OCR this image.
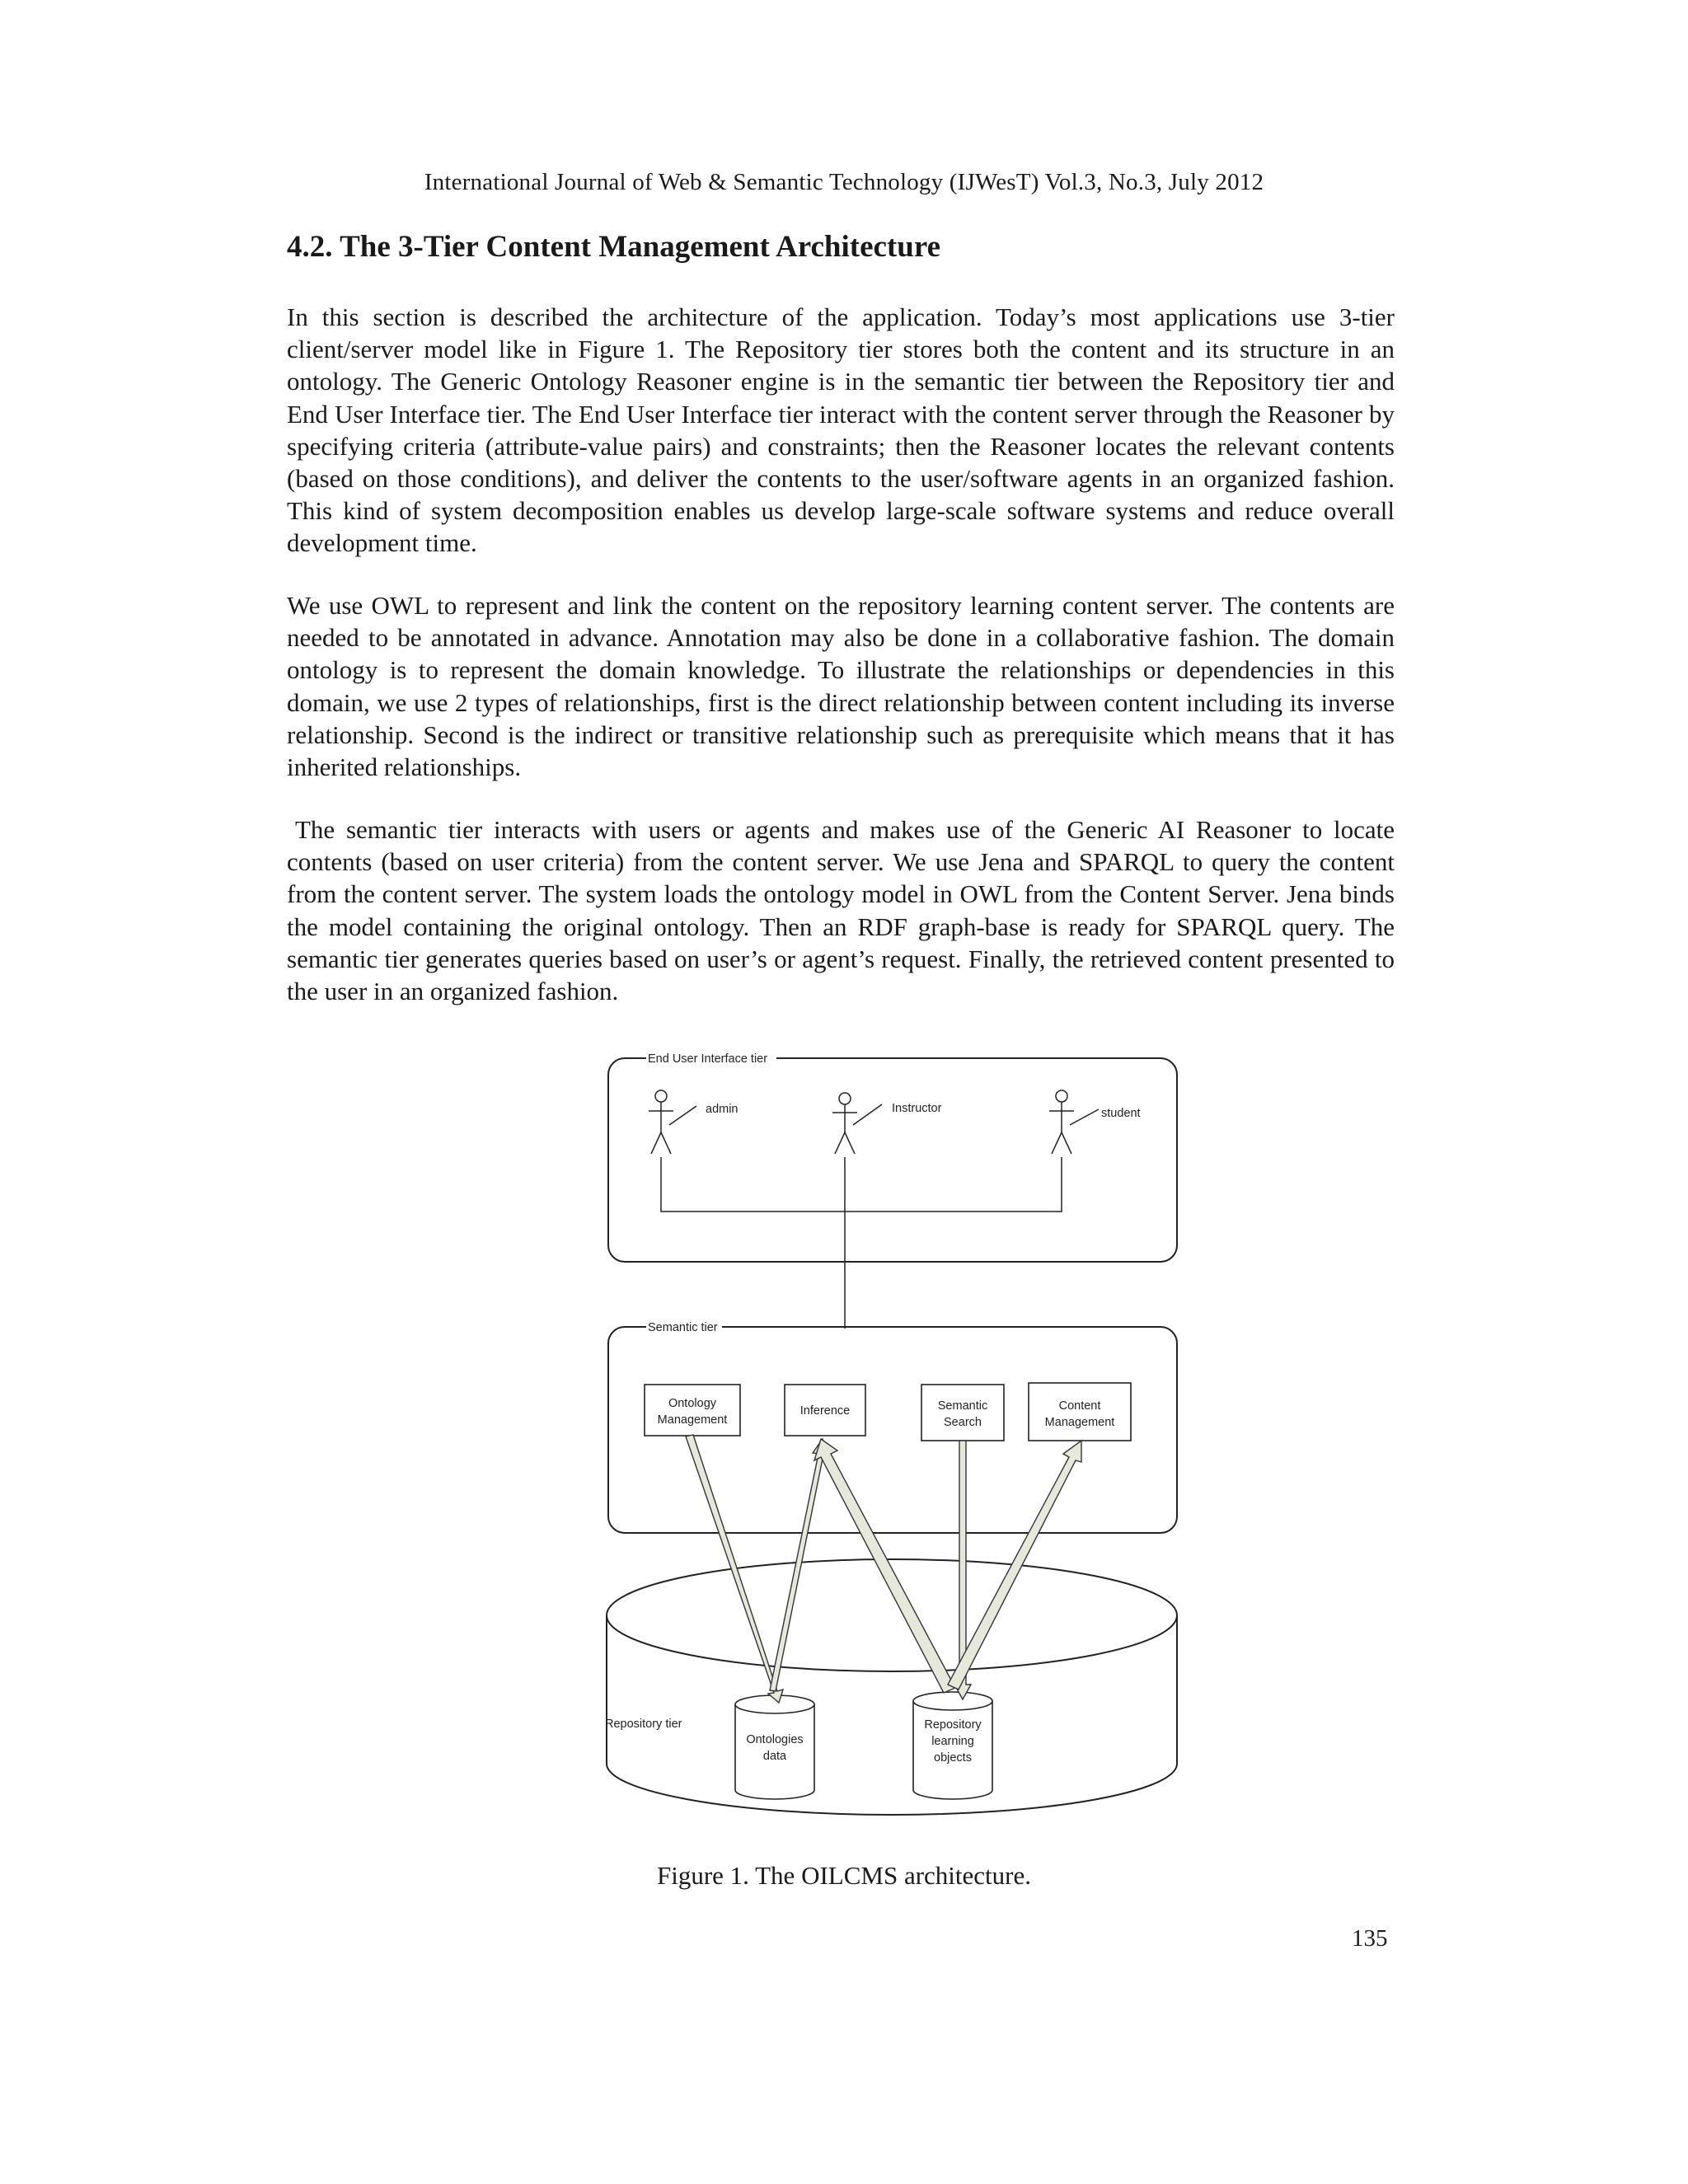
International Journal of Web & Semantic Technology (IJWesT) Vol.3, No.3, July 2012
4.2. The 3-Tier Content Management Architecture

In this section is described the architecture of the application. Today’s most applications use 3-tier client/server model like in Figure 1. The Repository tier stores both the content and its structure in an ontology. The Generic Ontology Reasoner engine is in the semantic tier between the Repository tier and End User Interface tier. The End User Interface tier interact with the content server through the Reasoner by specifying criteria (attribute-value pairs) and constraints; then the Reasoner locates the relevant contents (based on those conditions), and deliver the contents to the user/software agents in an organized fashion. This kind of system decomposition enables us develop large-scale software systems and reduce overall development time.

We use OWL to represent and link the content on the repository learning content server. The contents are needed to be annotated in advance. Annotation may also be done in a collaborative fashion. The domain ontology is to represent the domain knowledge. To illustrate the relationships or dependencies in this domain, we use 2 types of relationships, first is the direct relationship between content including its inverse relationship. Second is the indirect or transitive relationship such as prerequisite which means that it has inherited relationships.

The semantic tier interacts with users or agents and makes use of the Generic AI Reasoner to locate contents (based on user criteria) from the content server. We use Jena and SPARQL to query the content from the content server. The system loads the ontology model in OWL from the Content Server. Jena binds the model containing the original ontology. Then an RDF graph-base is ready for SPARQL query. The semantic tier generates queries based on user’s or agent’s request. Finally, the retrieved content presented to the user in an organized fashion.

End User Interface tier
admin	Instructor	student
Semantic tier
Ontology
Management
Inference	Semantic
Search
Content
Management
Repository tier
Ontologies
data
Repository
learning
objects
Figure 1. The OILCMS architecture.
135
